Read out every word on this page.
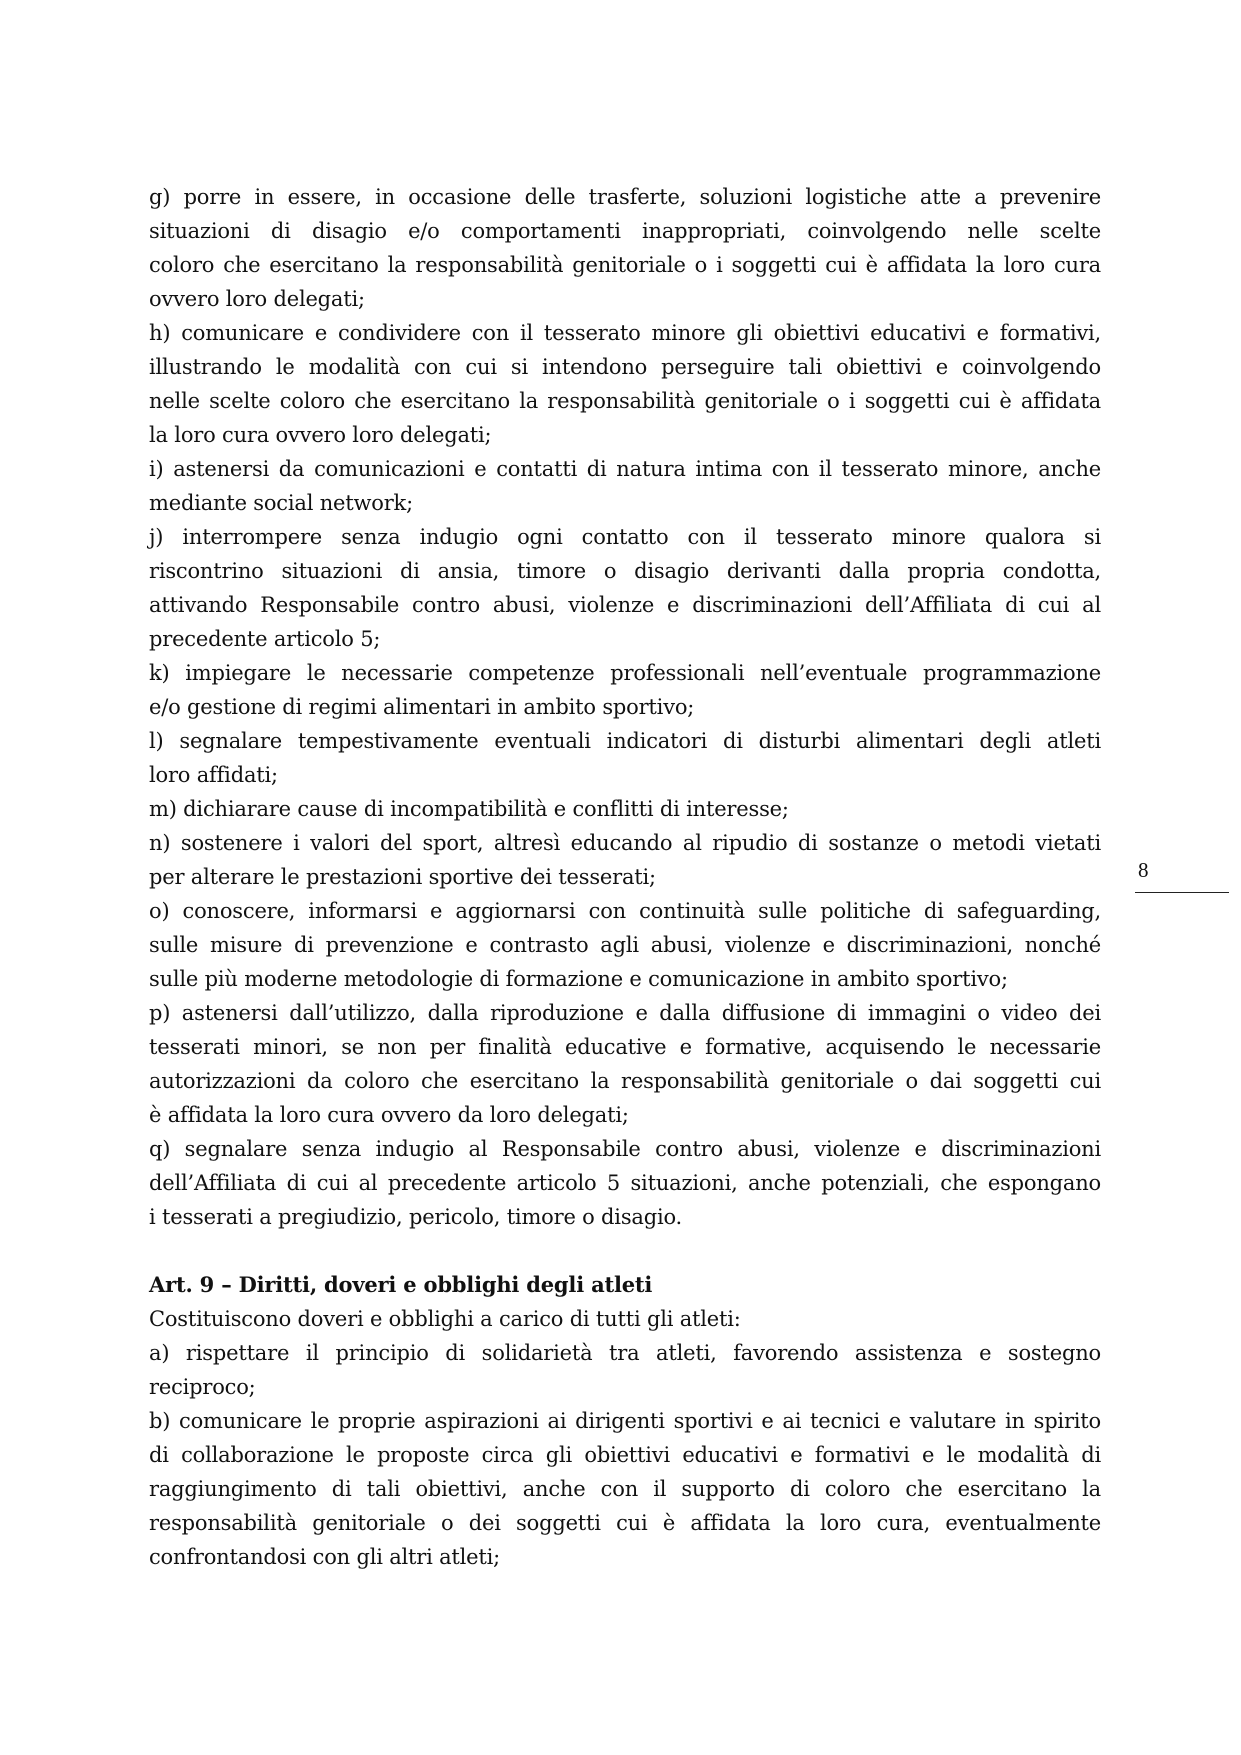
g) porre in essere, in occasione delle trasferte, soluzioni logistiche atte a prevenire
situazioni di disagio e/o comportamenti inappropriati, coinvolgendo nelle scelte
coloro che esercitano la responsabilità genitoriale o i soggetti cui è affidata la loro cura
ovvero loro delegati;
h) comunicare e condividere con il tesserato minore gli obiettivi educativi e formativi,
illustrando le modalità con cui si intendono perseguire tali obiettivi e coinvolgendo
nelle scelte coloro che esercitano la responsabilità genitoriale o i soggetti cui è affidata
la loro cura ovvero loro delegati;
i) astenersi da comunicazioni e contatti di natura intima con il tesserato minore, anche
mediante social network;
j) interrompere senza indugio ogni contatto con il tesserato minore qualora si
riscontrino situazioni di ansia, timore o disagio derivanti dalla propria condotta,
attivando Responsabile contro abusi, violenze e discriminazioni dell’Affiliata di cui al
precedente articolo 5;
k) impiegare le necessarie competenze professionali nell’eventuale programmazione
e/o gestione di regimi alimentari in ambito sportivo;
l) segnalare tempestivamente eventuali indicatori di disturbi alimentari degli atleti
loro affidati;
m) dichiarare cause di incompatibilità e conflitti di interesse;
n) sostenere i valori del sport, altresì educando al ripudio di sostanze o metodi vietati
per alterare le prestazioni sportive dei tesserati;
o) conoscere, informarsi e aggiornarsi con continuità sulle politiche di safeguarding,
sulle misure di prevenzione e contrasto agli abusi, violenze e discriminazioni, nonché
sulle più moderne metodologie di formazione e comunicazione in ambito sportivo;
p) astenersi dall’utilizzo, dalla riproduzione e dalla diffusione di immagini o video dei
tesserati minori, se non per finalità educative e formative, acquisendo le necessarie
autorizzazioni da coloro che esercitano la responsabilità genitoriale o dai soggetti cui
è affidata la loro cura ovvero da loro delegati;
q) segnalare senza indugio al Responsabile contro abusi, violenze e discriminazioni
dell’Affiliata di cui al precedente articolo 5 situazioni, anche potenziali, che espongano
i tesserati a pregiudizio, pericolo, timore o disagio.
Art. 9 – Diritti, doveri e obblighi degli atleti
Costituiscono doveri e obblighi a carico di tutti gli atleti:
a) rispettare il principio di solidarietà tra atleti, favorendo assistenza e sostegno
reciproco;
b) comunicare le proprie aspirazioni ai dirigenti sportivi e ai tecnici e valutare in spirito
di collaborazione le proposte circa gli obiettivi educativi e formativi e le modalità di
raggiungimento di tali obiettivi, anche con il supporto di coloro che esercitano la
responsabilità genitoriale o dei soggetti cui è affidata la loro cura, eventualmente
confrontandosi con gli altri atleti;
8
